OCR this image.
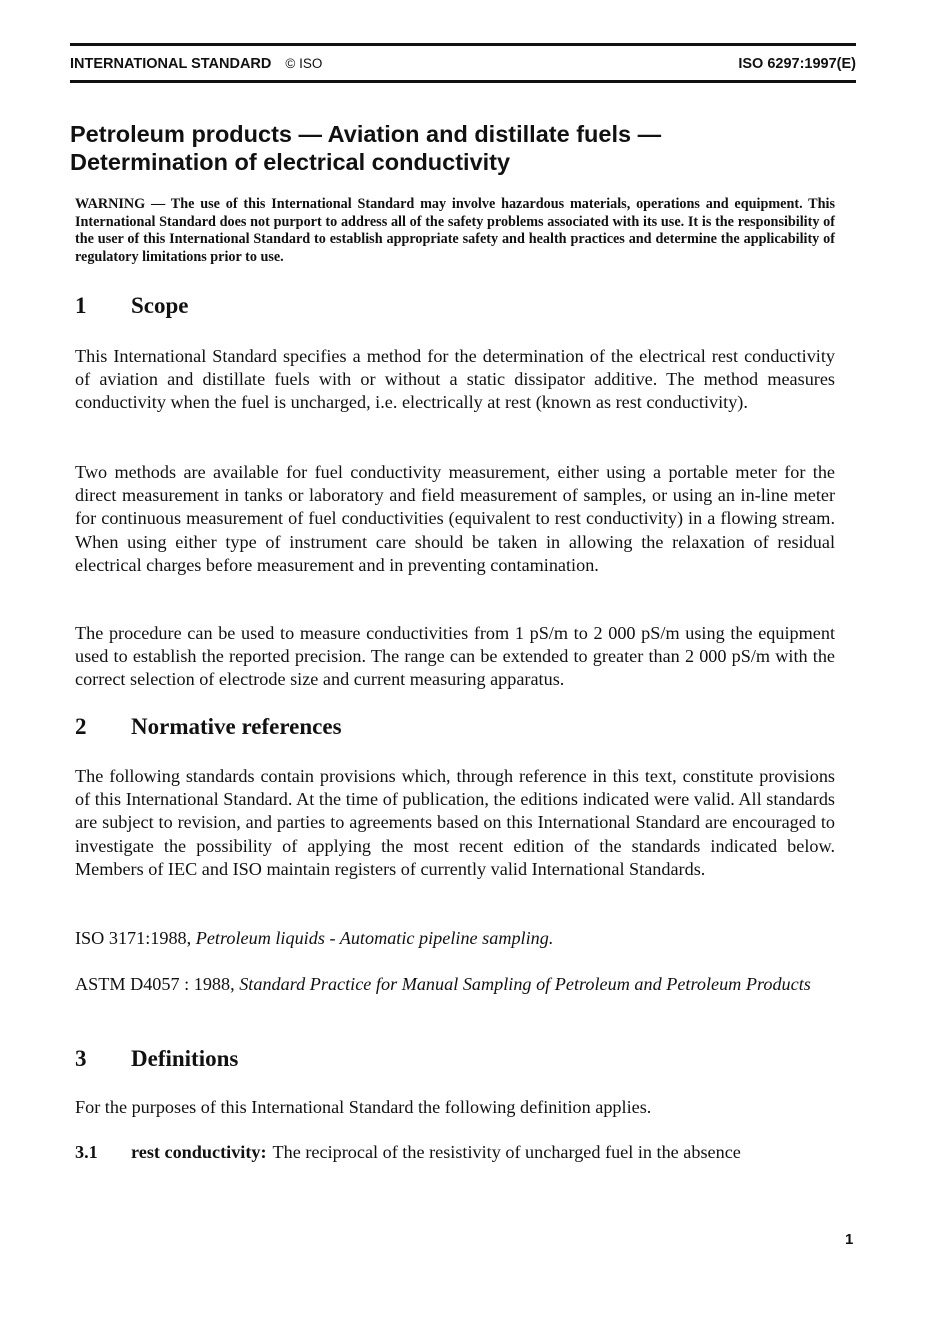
INTERNATIONAL STANDARD © ISO	ISO 6297:1997(E)
Petroleum products — Aviation and distillate fuels —
Determination of electrical conductivity
WARNING — The use of this International Standard may involve hazardous materials, operations and equipment. This International Standard does not purport to address all of the safety problems associated with its use. It is the responsibility of the user of this International Standard to establish appropriate safety and health practices and determine the applicability of regulatory limitations prior to use.
1	Scope
This International Standard specifies a method for the determination of the electrical rest conductivity of aviation and distillate fuels with or without a static dissipator additive. The method measures conductivity when the fuel is uncharged, i.e. electrically at rest (known as rest conductivity).
Two methods are available for fuel conductivity measurement, either using a portable meter for the direct measurement in tanks or laboratory and field measurement of samples, or using an in-line meter for continuous measurement of fuel conductivities (equivalent to rest conductivity) in a flowing stream. When using either type of instrument care should be taken in allowing the relaxation of residual electrical charges before measurement and in preventing contamination.
The procedure can be used to measure conductivities from 1 pS/m to 2 000 pS/m using the equipment used to establish the reported precision. The range can be extended to greater than 2 000 pS/m with the correct selection of electrode size and current measuring apparatus.
2	Normative references
The following standards contain provisions which, through reference in this text, constitute provisions of this International Standard. At the time of publication, the editions indicated were valid. All standards are subject to revision, and parties to agreements based on this International Standard are encouraged to investigate the possibility of applying the most recent edition of the standards indicated below. Members of IEC and ISO maintain registers of currently valid International Standards.
ISO 3171:1988, Petroleum liquids - Automatic pipeline sampling.
ASTM D4057 : 1988, Standard Practice for Manual Sampling of Petroleum and Petroleum Products
3	Definitions
For the purposes of this International Standard the following definition applies.
3.1	rest conductivity: The reciprocal of the resistivity of uncharged fuel in the absence
1
